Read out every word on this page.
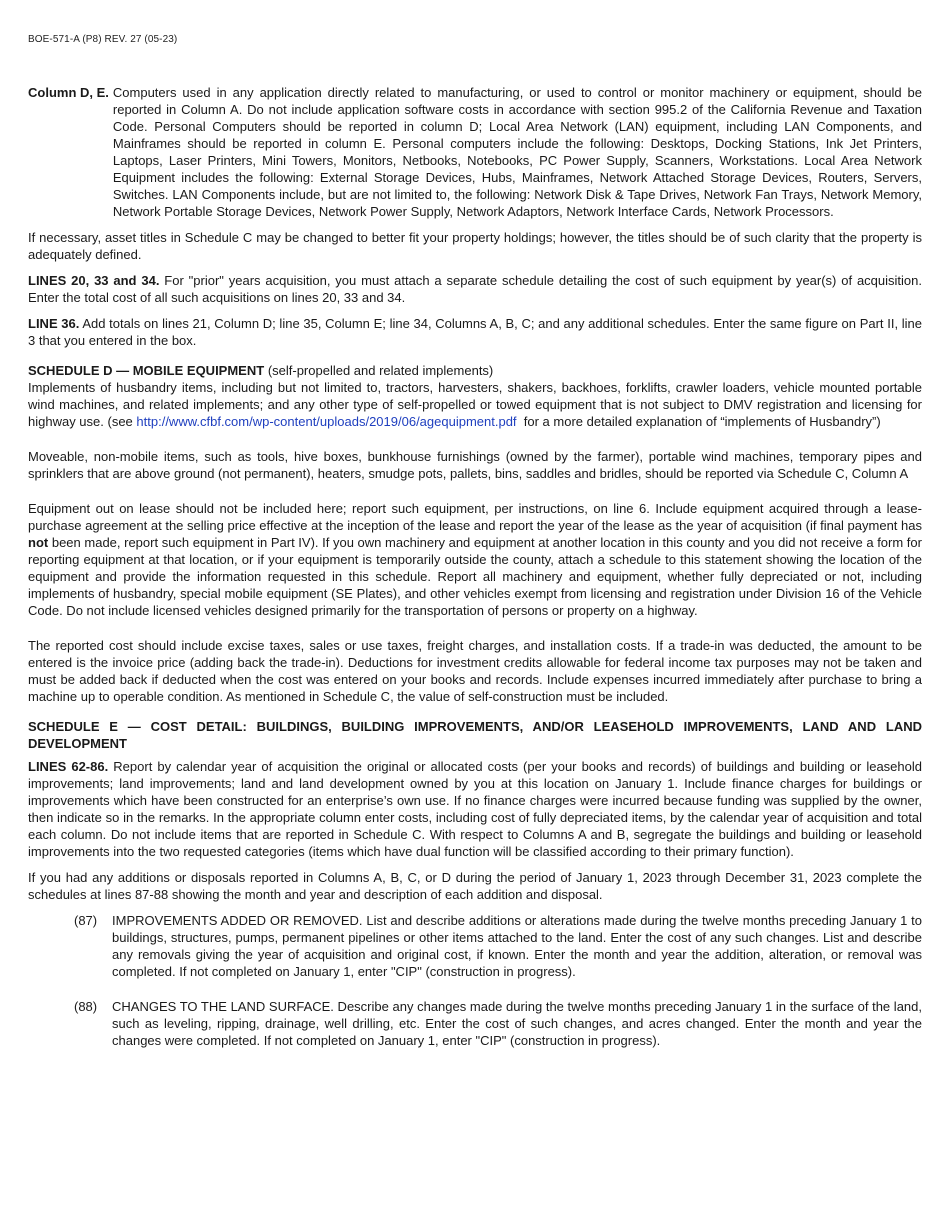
BOE-571-A (P8) REV. 27 (05-23)
Column D, E. Computers used in any application directly related to manufacturing, or used to control or monitor machinery or equipment, should be reported in Column A. Do not include application software costs in accordance with section 995.2 of the California Revenue and Taxation Code. Personal Computers should be reported in column D; Local Area Network (LAN) equipment, including LAN Components, and Mainframes should be reported in column E. Personal computers include the following: Desktops, Docking Stations, Ink Jet Printers, Laptops, Laser Printers, Mini Towers, Monitors, Netbooks, Notebooks, PC Power Supply, Scanners, Workstations. Local Area Network Equipment includes the following: External Storage Devices, Hubs, Mainframes, Network Attached Storage Devices, Routers, Servers, Switches. LAN Components include, but are not limited to, the following: Network Disk & Tape Drives, Network Fan Trays, Network Memory, Network Portable Storage Devices, Network Power Supply, Network Adaptors, Network Interface Cards, Network Processors.

If necessary, asset titles in Schedule C may be changed to better fit your property holdings; however, the titles should be of such clarity that the property is adequately defined.

LINES 20, 33 and 34. For "prior" years acquisition, you must attach a separate schedule detailing the cost of such equipment by year(s) of acquisition. Enter the total cost of all such acquisitions on lines 20, 33 and 34.

LINE 36. Add totals on lines 21, Column D; line 35, Column E; line 34, Columns A, B, C; and any additional schedules. Enter the same figure on Part II, line 3 that you entered in the box.

SCHEDULE D — MOBILE EQUIPMENT (self-propelled and related implements)

Implements of husbandry items, including but not limited to, tractors, harvesters, shakers, backhoes, forklifts, crawler loaders, vehicle mounted portable wind machines, and related implements; and any other type of self-propelled or towed equipment that is not subject to DMV registration and licensing for highway use. (see http://www.cfbf.com/wp-content/uploads/2019/06/agequipment.pdf for a more detailed explanation of “implements of Husbandry”)

Moveable, non-mobile items, such as tools, hive boxes, bunkhouse furnishings (owned by the farmer), portable wind machines, temporary pipes and sprinklers that are above ground (not permanent), heaters, smudge pots, pallets, bins, saddles and bridles, should be reported via Schedule C, Column A

Equipment out on lease should not be included here; report such equipment, per instructions, on line 6. Include equipment acquired through a lease-purchase agreement at the selling price effective at the inception of the lease and report the year of the lease as the year of acquisition (if final payment has not been made, report such equipment in Part IV). If you own machinery and equipment at another location in this county and you did not receive a form for reporting equipment at that location, or if your equipment is temporarily outside the county, attach a schedule to this statement showing the location of the equipment and provide the information requested in this schedule. Report all machinery and equipment, whether fully depreciated or not, including implements of husbandry, special mobile equipment (SE Plates), and other vehicles exempt from licensing and registration under Division 16 of the Vehicle Code. Do not include licensed vehicles designed primarily for the transportation of persons or property on a highway.

The reported cost should include excise taxes, sales or use taxes, freight charges, and installation costs. If a trade-in was deducted, the amount to be entered is the invoice price (adding back the trade-in). Deductions for investment credits allowable for federal income tax purposes may not be taken and must be added back if deducted when the cost was entered on your books and records. Include expenses incurred immediately after purchase to bring a machine up to operable condition. As mentioned in Schedule C, the value of self-construction must be included.

SCHEDULE E — COST DETAIL: BUILDINGS, BUILDING IMPROVEMENTS, AND/OR LEASEHOLD IMPROVEMENTS, LAND AND LAND DEVELOPMENT

LINES 62-86. Report by calendar year of acquisition the original or allocated costs (per your books and records) of buildings and building or leasehold improvements; land improvements; land and land development owned by you at this location on January 1. Include finance charges for buildings or improvements which have been constructed for an enterprise’s own use. If no finance charges were incurred because funding was supplied by the owner, then indicate so in the remarks. In the appropriate column enter costs, including cost of fully depreciated items, by the calendar year of acquisition and total each column. Do not include items that are reported in Schedule C. With respect to Columns A and B, segregate the buildings and building or leasehold improvements into the two requested categories (items which have dual function will be classified according to their primary function).

If you had any additions or disposals reported in Columns A, B, C, or D during the period of January 1, 2023 through December 31, 2023 complete the schedules at lines 87-88 showing the month and year and description of each addition and disposal.

(87)	IMPROVEMENTS ADDED OR REMOVED. List and describe additions or alterations made during the twelve months preceding January 1 to buildings, structures, pumps, permanent pipelines or other items attached to the land. Enter the cost of any such changes. List and describe any removals giving the year of acquisition and original cost, if known. Enter the month and year the addition, alteration, or removal was completed. If not completed on January 1, enter "CIP" (construction in progress).
(88)	CHANGES TO THE LAND SURFACE. Describe any changes made during the twelve months preceding January 1 in the surface of the land, such as leveling, ripping, drainage, well drilling, etc. Enter the cost of such changes, and acres changed. Enter the month and year the changes were completed. If not completed on January 1, enter "CIP" (construction in progress).
